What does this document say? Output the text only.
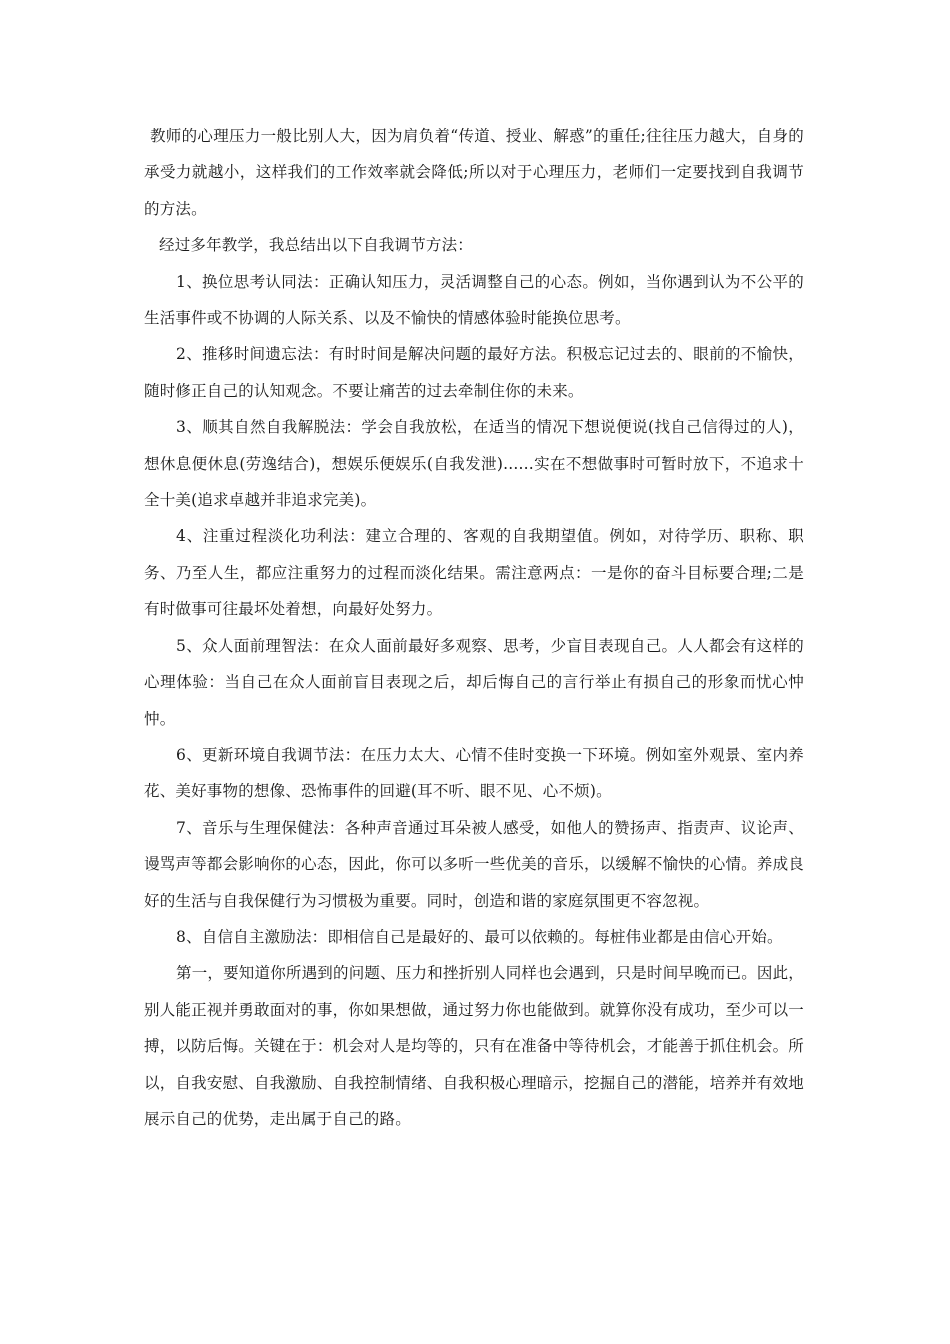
教师的心理压力一般比别人大，因为肩负着“传道、授业、解惑”的重任;往往压力越大，自身的承受力就越小，这样我们的工作效率就会降低;所以对于心理压力，老师们一定要找到自我调节的方法。

经过多年教学，我总结出以下自我调节方法：

1、换位思考认同法：正确认知压力，灵活调整自己的心态。例如，当你遇到认为不公平的生活事件或不协调的人际关系、以及不愉快的情感体验时能换位思考。

2、推移时间遗忘法：有时时间是解决问题的最好方法。积极忘记过去的、眼前的不愉快，随时修正自己的认知观念。不要让痛苦的过去牵制住你的未来。

3、顺其自然自我解脱法：学会自我放松，在适当的情况下想说便说(找自己信得过的人)，想休息便休息(劳逸结合)，想娱乐便娱乐(自我发泄)......实在不想做事时可暂时放下，不追求十全十美(追求卓越并非追求完美)。

4、注重过程淡化功利法：建立合理的、客观的自我期望值。例如，对待学历、职称、职务、乃至人生，都应注重努力的过程而淡化结果。需注意两点：一是你的奋斗目标要合理;二是有时做事可往最坏处着想，向最好处努力。

5、众人面前理智法：在众人面前最好多观察、思考，少盲目表现自己。人人都会有这样的心理体验：当自己在众人面前盲目表现之后，却后悔自己的言行举止有损自己的形象而忧心忡忡。

6、更新环境自我调节法：在压力太大、心情不佳时变换一下环境。例如室外观景、室内养花、美好事物的想像、恐怖事件的回避(耳不听、眼不见、心不烦)。

7、音乐与生理保健法：各种声音通过耳朵被人感受，如他人的赞扬声、指责声、议论声、谩骂声等都会影响你的心态，因此，你可以多听一些优美的音乐，以缓解不愉快的心情。养成良好的生活与自我保健行为习惯极为重要。同时，创造和谐的家庭氛围更不容忽视。

8、自信自主激励法：即相信自己是最好的、最可以依赖的。每桩伟业都是由信心开始。

第一，要知道你所遇到的问题、压力和挫折别人同样也会遇到，只是时间早晚而已。因此，别人能正视并勇敢面对的事，你如果想做，通过努力你也能做到。就算你没有成功，至少可以一搏，以防后悔。关键在于：机会对人是均等的，只有在准备中等待机会，才能善于抓住机会。所以，自我安慰、自我激励、自我控制情绪、自我积极心理暗示，挖掘自己的潜能，培养并有效地展示自己的优势，走出属于自己的路。
